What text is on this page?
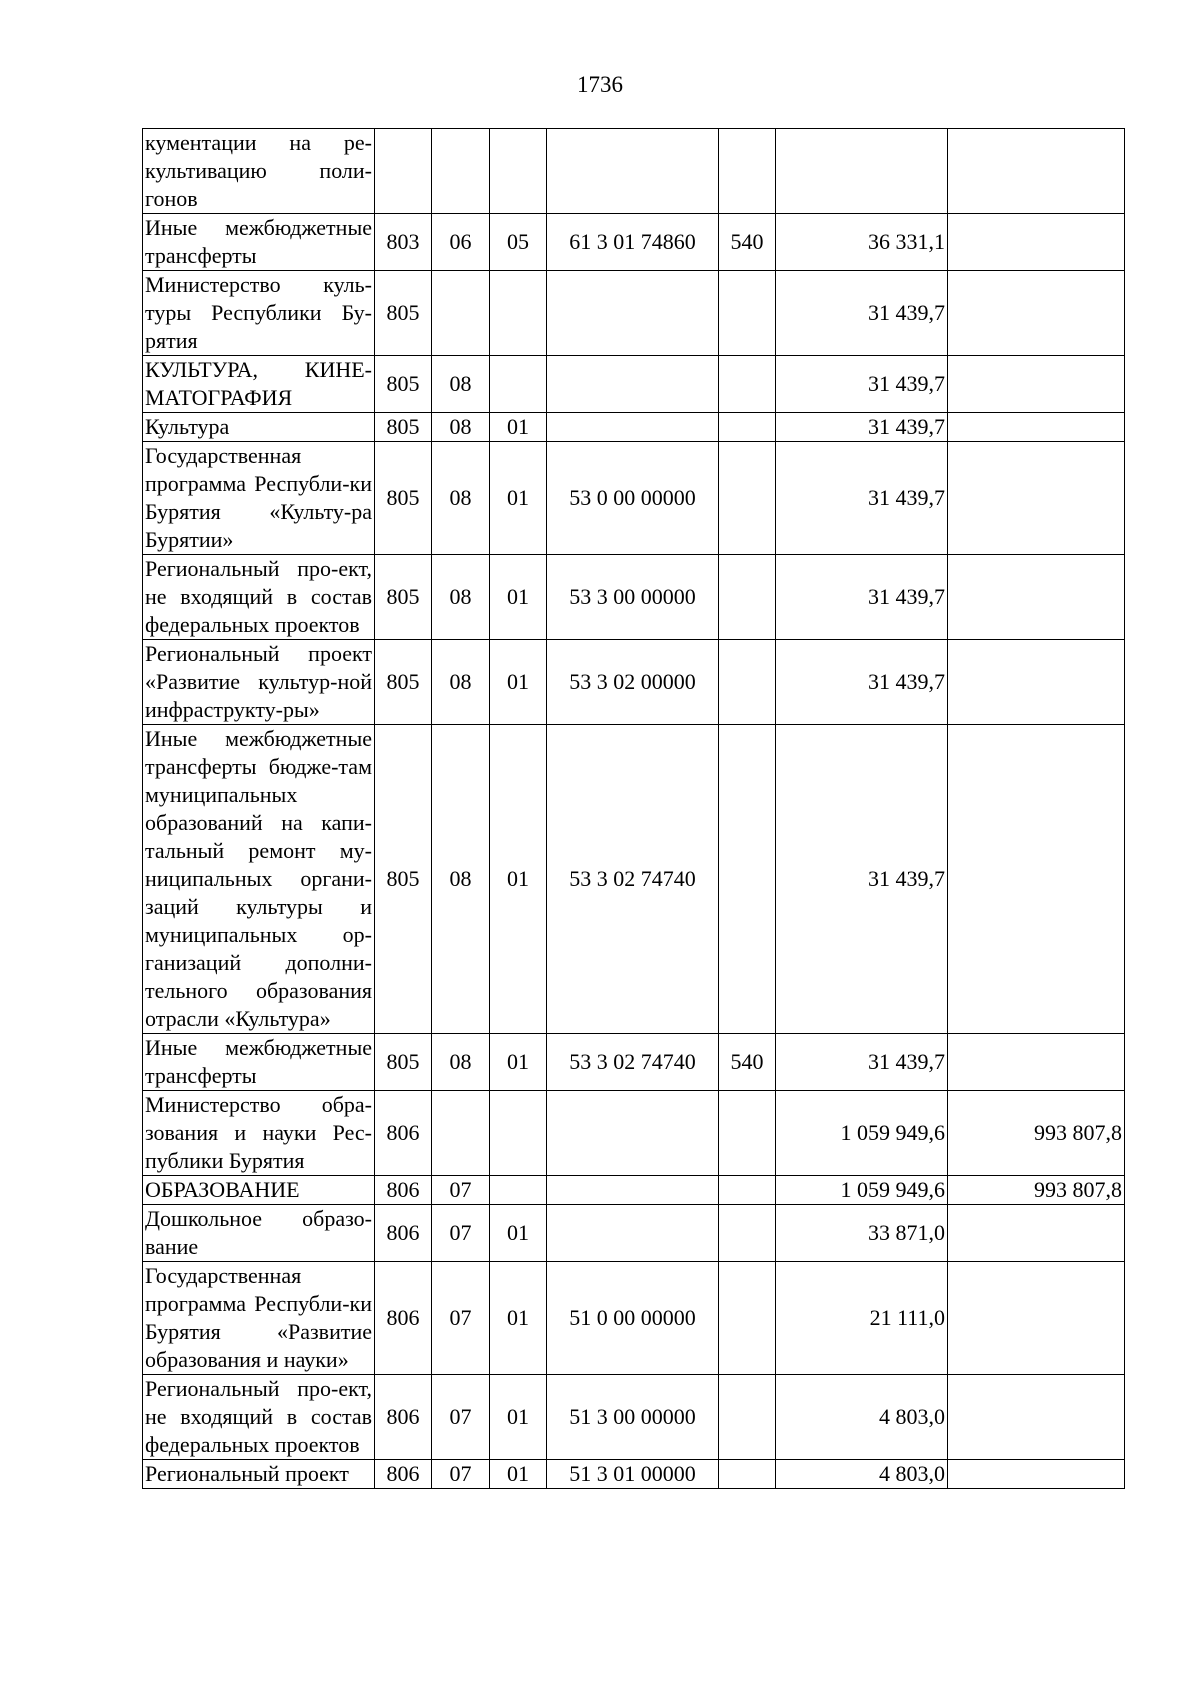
1736
кументации на ре-культивацию поли-гонов							
Иные межбюджетные трансферты	803	06	05	61 3 01 74860	540	36 331,1	
Министерство куль-туры Республики Бу-рятия	805					31 439,7	
КУЛЬТУРА, КИНЕ-МАТОГРАФИЯ	805	08				31 439,7	
Культура	805	08	01			31 439,7	
Государственная программа Республи-ки Бурятия «Культу-ра Бурятии»	805	08	01	53 0 00 00000		31 439,7	
Региональный про-ект, не входящий в состав федеральных проектов	805	08	01	53 3 00 00000		31 439,7	
Региональный проект «Развитие культур-ной инфраструкту-ры»	805	08	01	53 3 02 00000		31 439,7	
Иные межбюджетные трансферты бюдже-там муниципальных образований на капи-тальный ремонт му-ниципальных органи-заций культуры и муниципальных ор-ганизаций дополни-тельного образования отрасли «Культура»	805	08	01	53 3 02 74740		31 439,7	
Иные межбюджетные трансферты	805	08	01	53 3 02 74740	540	31 439,7	
Министерство обра-зования и науки Рес-публики Бурятия	806					1 059 949,6	993 807,8
ОБРАЗОВАНИЕ	806	07				1 059 949,6	993 807,8
Дошкольное образо-вание	806	07	01			33 871,0	
Государственная программа Республи-ки Бурятия «Развитие образования и науки»	806	07	01	51 0 00 00000		21 111,0	
Региональный про-ект, не входящий в состав федеральных проектов	806	07	01	51 3 00 00000		4 803,0	
Региональный проект	806	07	01	51 3 01 00000		4 803,0	
